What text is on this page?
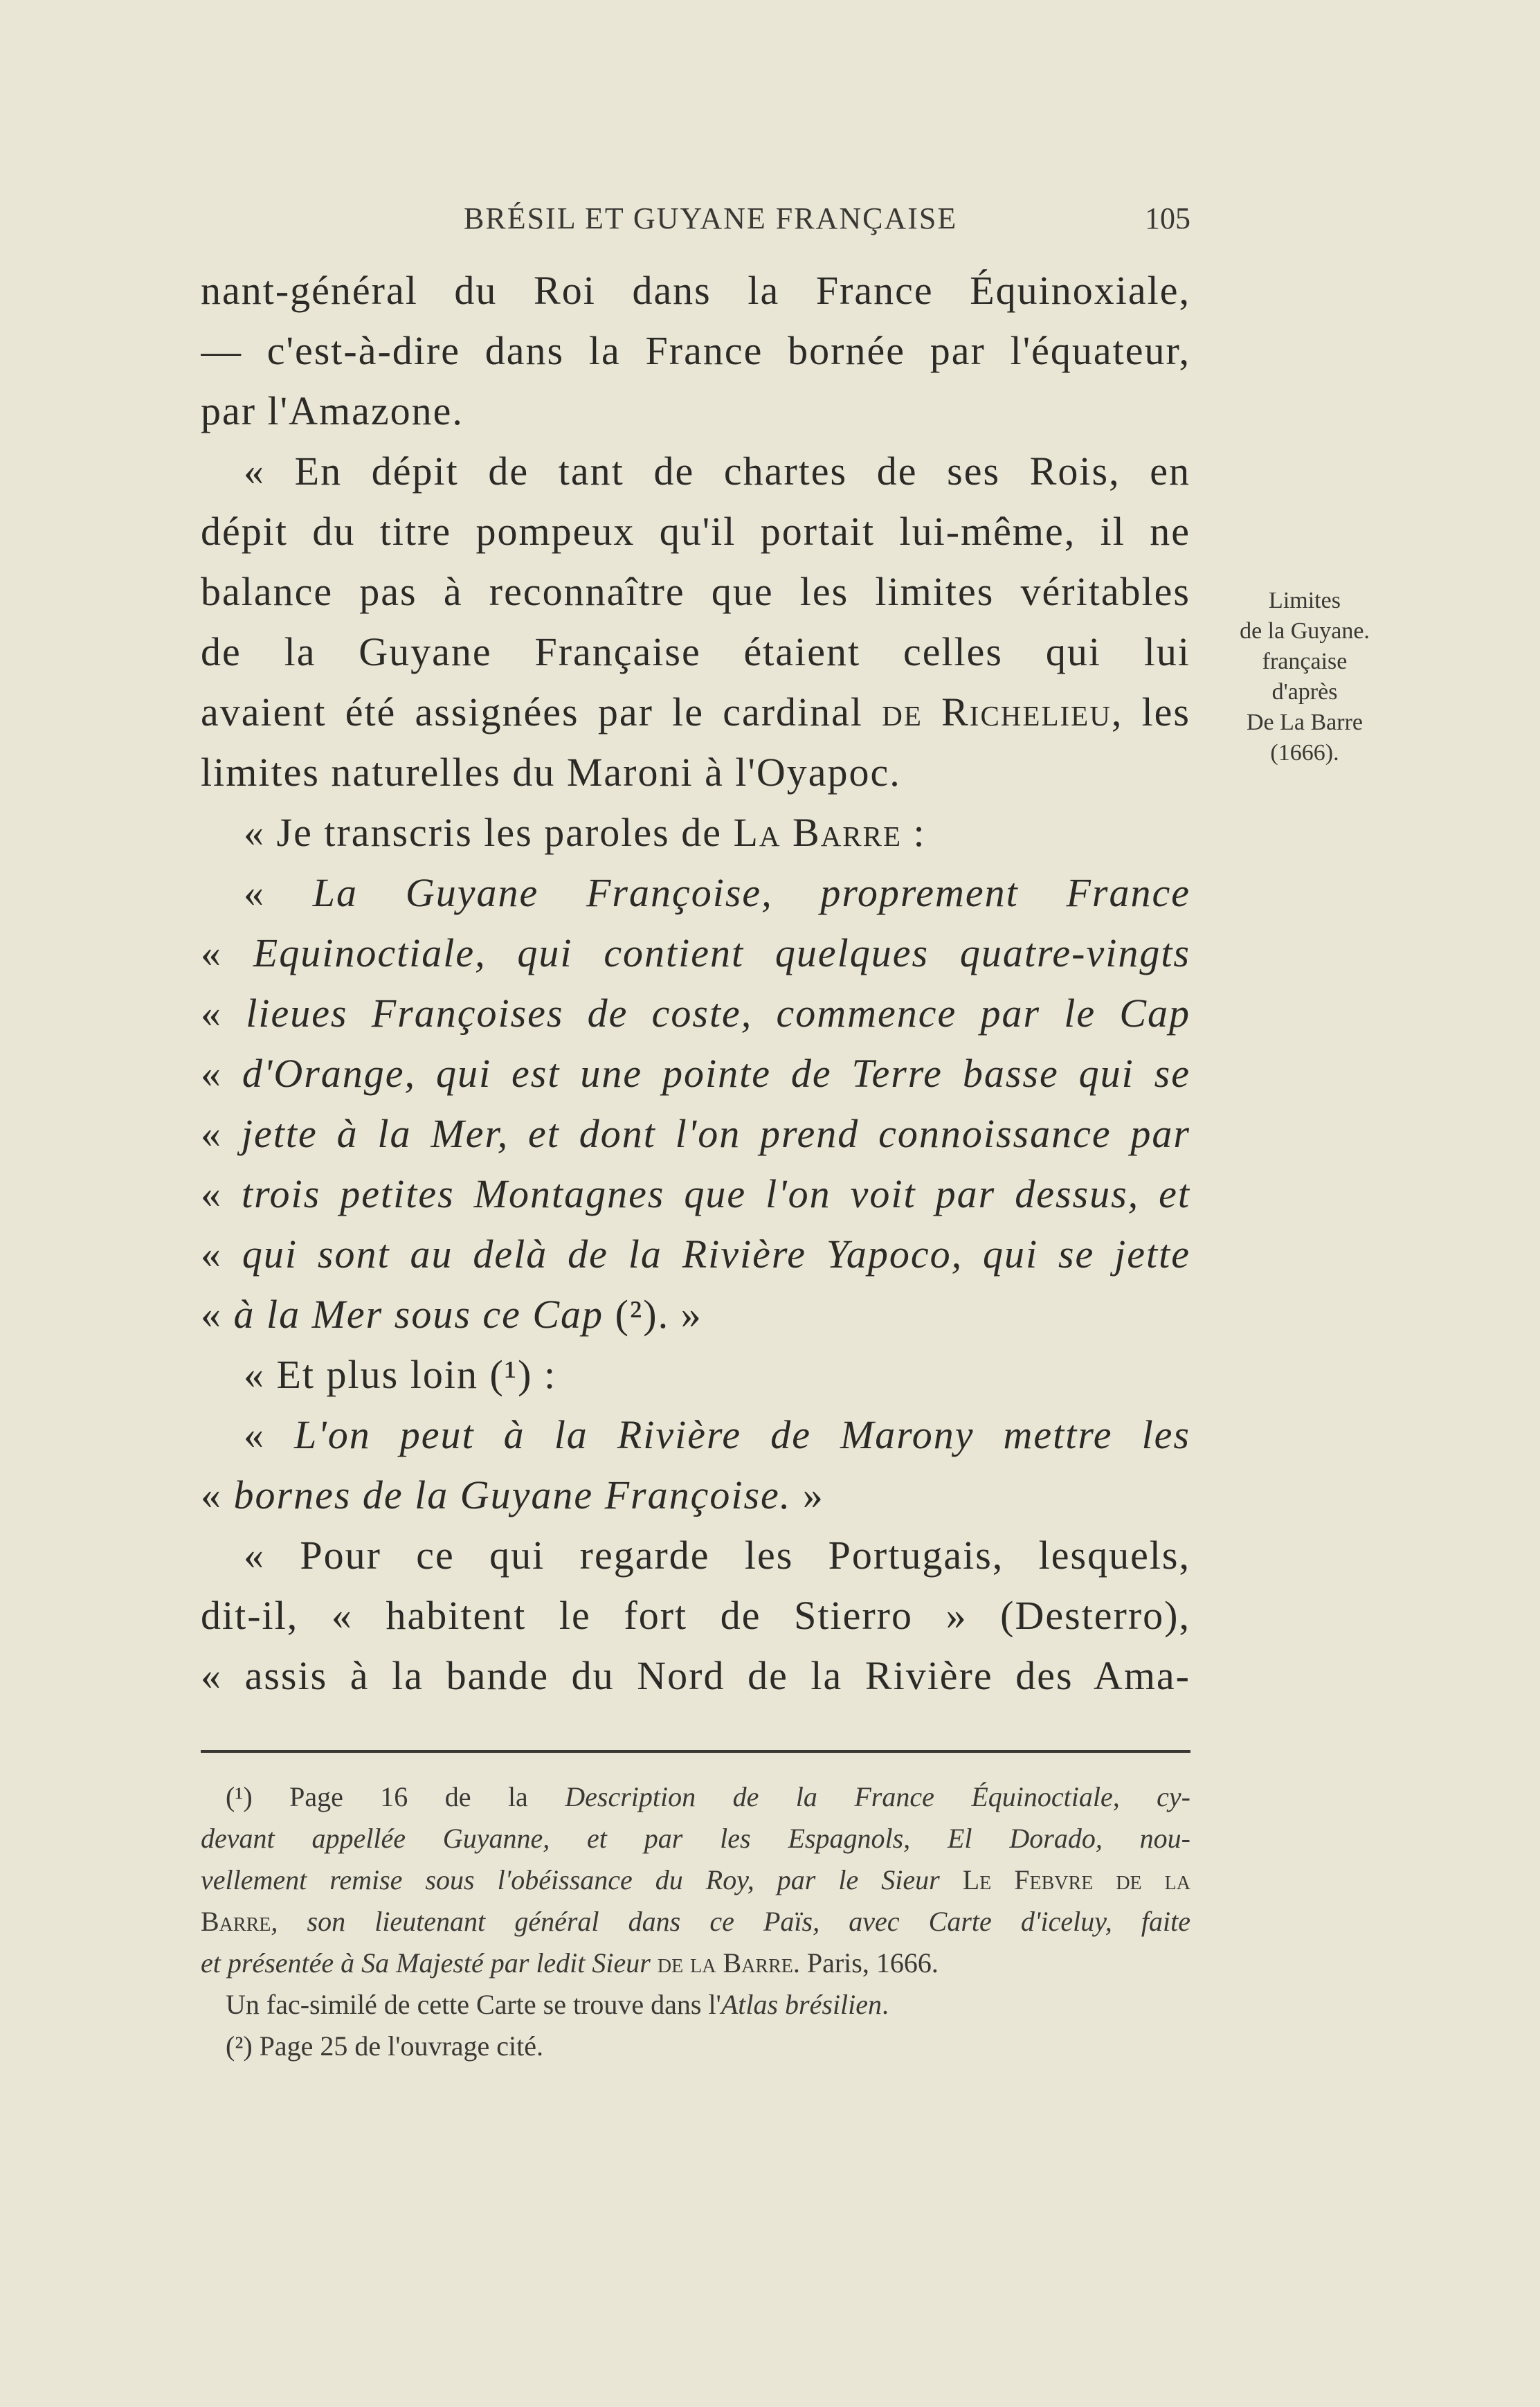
BRÉSIL ET GUYANE FRANÇAISE	105
nant-général du Roi dans la France Équinoxiale,
— c'est-à-dire dans la France bornée par l'équateur,
par l'Amazone.
« En dépit de tant de chartes de ses Rois, en
dépit du titre pompeux qu'il portait lui-même, il ne
balance pas à reconnaître que les limites véritables
de la Guyane Française étaient celles qui lui
avaient été assignées par le cardinal de Richelieu, les
limites naturelles du Maroni à l'Oyapoc.
« Je transcris les paroles de La Barre :
« La Guyane Françoise, proprement France
« Equinoctiale, qui contient quelques quatre-vingts
« lieues Françoises de coste, commence par le Cap
« d'Orange, qui est une pointe de Terre basse qui se
« jette à la Mer, et dont l'on prend connoissance par
« trois petites Montagnes que l'on voit par dessus, et
« qui sont au delà de la Rivière Yapoco, qui se jette
« à la Mer sous ce Cap (²). »
« Et plus loin (¹) :
« L'on peut à la Rivière de Marony mettre les
« bornes de la Guyane Françoise. »
« Pour ce qui regarde les Portugais, lesquels,
dit-il, « habitent le fort de Stierro » (Desterro),
« assis à la bande du Nord de la Rivière des Ama-
Limites
de la Guyane.
française
d'après
De La Barre
(1666).
(¹) Page 16 de la Description de la France Équinoctiale, cy-
devant appellée Guyanne, et par les Espagnols, El Dorado, nou-
vellement remise sous l'obéissance du Roy, par le Sieur Le Febvre de la
Barre, son lieutenant général dans ce Païs, avec Carte d'iceluy, faite
et présentée à Sa Majesté par ledit Sieur de la Barre. Paris, 1666.
Un fac-similé de cette Carte se trouve dans l'Atlas brésilien.
(²) Page 25 de l'ouvrage cité.
